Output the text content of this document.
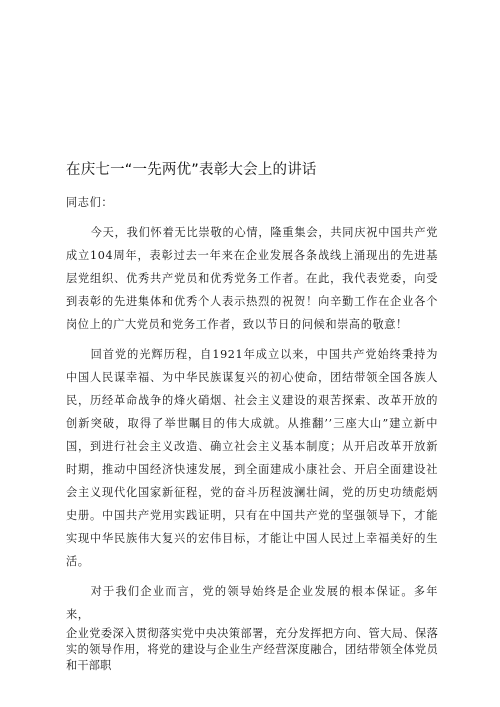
在庆七一“一先两优”表彰大会上的讲话

同志们：

今天，我们怀着无比崇敬的心情，隆重集会，共同庆祝中国共产党成立104周年，表彰过去一年来在企业发展各条战线上涌现出的先进基层党组织、优秀共产党员和优秀党务工作者。在此，我代表党委，向受到表彰的先进集体和优秀个人表示热烈的祝贺！向辛勤工作在企业各个岗位上的广大党员和党务工作者，致以节日的问候和崇高的敬意！

回首党的光辉历程，自1921年成立以来，中国共产党始终秉持为中国人民谋幸福、为中华民族谋复兴的初心使命，团结带领全国各族人民，历经革命战争的烽火硝烟、社会主义建设的艰苦探索、改革开放的创新突破，取得了举世瞩目的伟大成就。从推翻’’三座大山”建立新中国，到进行社会主义改造、确立社会主义基本制度；从开启改革开放新时期，推动中国经济快速发展，到全面建成小康社会、开启全面建设社会主义现代化国家新征程，党的奋斗历程波澜壮阔，党的历史功绩彪炳史册。中国共产党用实践证明，只有在中国共产党的坚强领导下，才能实现中华民族伟大复兴的宏伟目标，才能让中国人民过上幸福美好的生活。

对于我们企业而言，党的领导始终是企业发展的根本保证。多年来，

企业党委深入贯彻落实党中央决策部署，充分发挥把方向、管大局、保落实的领导作用，将党的建设与企业生产经营深度融合，团结带领全体党员和干部职
